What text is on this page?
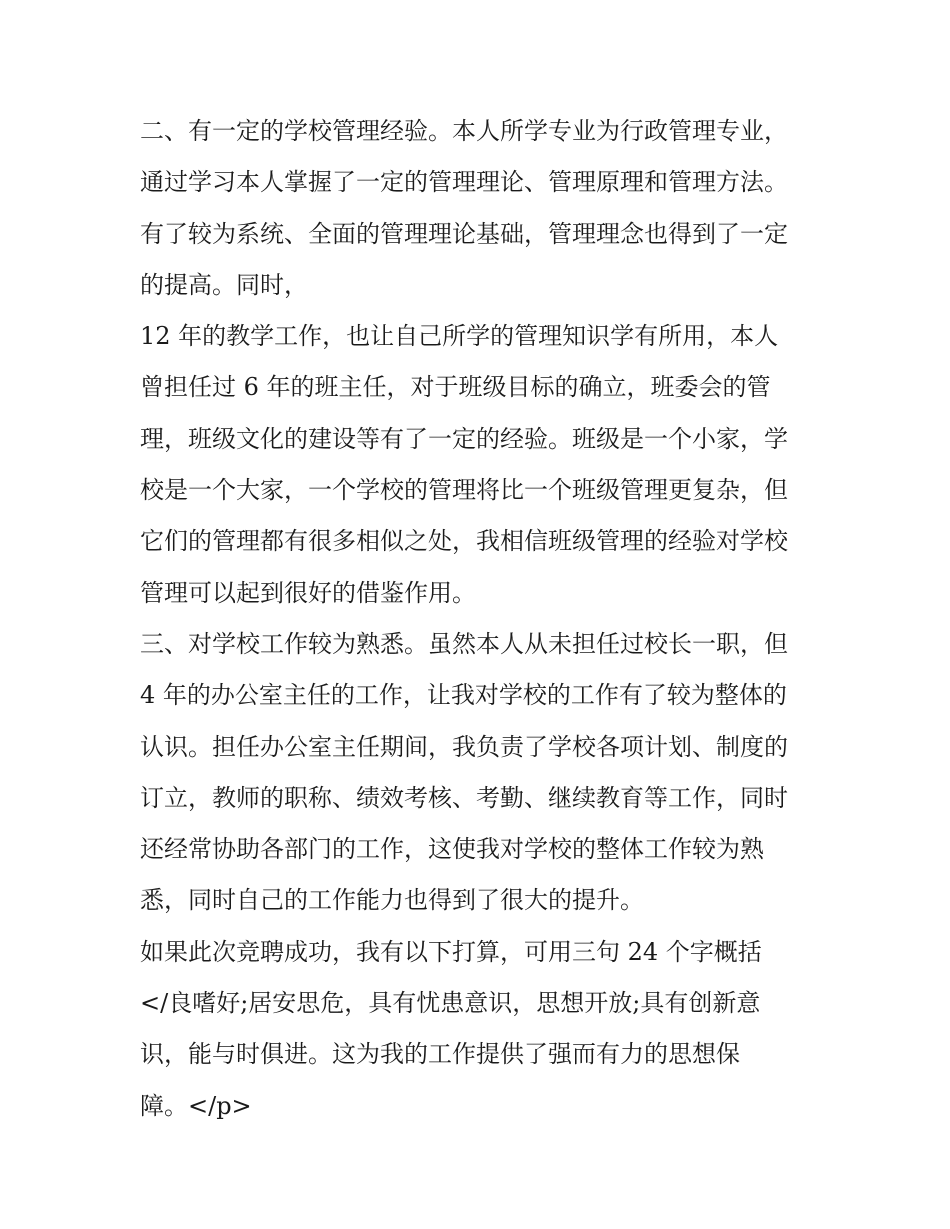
二、有一定的学校管理经验。本人所学专业为行政管理专业，
通过学习本人掌握了一定的管理理论、管理原理和管理方法。
有了较为系统、全面的管理理论基础，管理理念也得到了一定
的提高。同时，
12 年的教学工作，也让自己所学的管理知识学有所用，本人
曾担任过 6 年的班主任，对于班级目标的确立，班委会的管
理，班级文化的建设等有了一定的经验。班级是一个小家，学
校是一个大家，一个学校的管理将比一个班级管理更复杂，但
它们的管理都有很多相似之处，我相信班级管理的经验对学校
管理可以起到很好的借鉴作用。
三、对学校工作较为熟悉。虽然本人从未担任过校长一职，但
4 年的办公室主任的工作，让我对学校的工作有了较为整体的
认识。担任办公室主任期间，我负责了学校各项计划、制度的
订立，教师的职称、绩效考核、考勤、继续教育等工作，同时
还经常协助各部门的工作，这使我对学校的整体工作较为熟
悉，同时自己的工作能力也得到了很大的提升。
如果此次竞聘成功，我有以下打算，可用三句 24 个字概括
</良嗜好;居安思危，具有忧患意识，思想开放;具有创新意
识，能与时俱进。这为我的工作提供了强而有力的思想保
障。</p>
